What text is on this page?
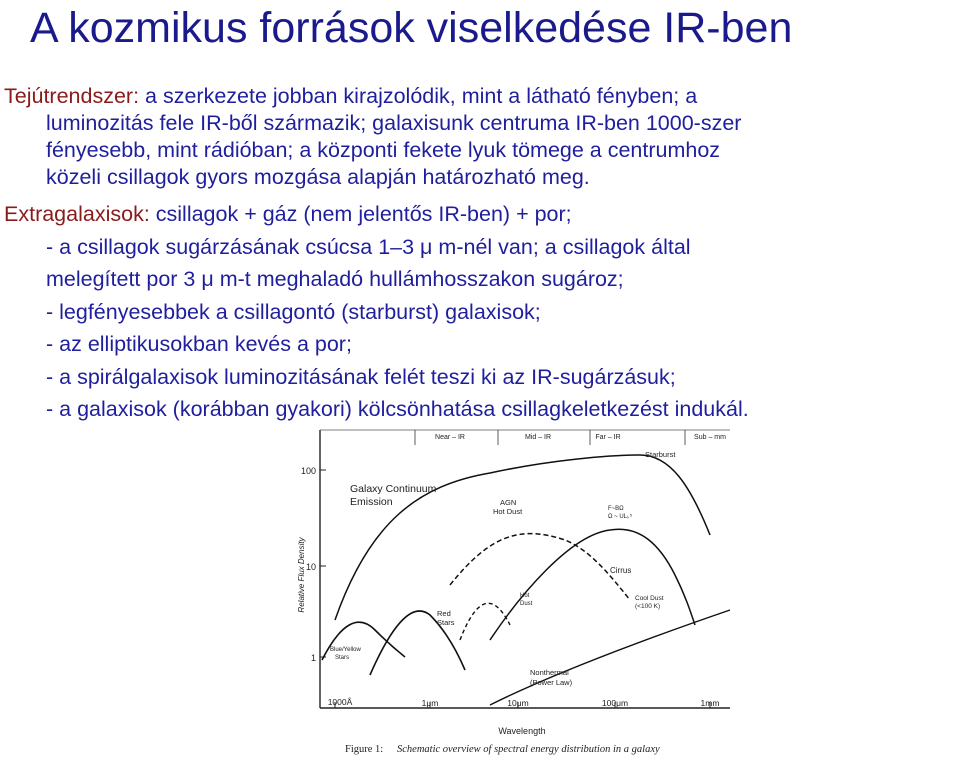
A kozmikus források viselkedése IR-ben
Tejútrendszer: a szerkezete jobban kirajzolódik, mint a látható fényben; a
luminozitás fele IR-ből származik; galaxisunk centruma IR-ben 1000-szer
fényesebb, mint rádióban; a központi fekete lyuk tömege a centrumhoz
közeli csillagok gyors mozgása alapján határozható meg.
Extragalaxisok: csillagok + gáz (nem jelentős IR-ben) + por;
- a csillagok sugárzásának csúcsa 1–3 μ m-nél van; a csillagok által
melegített por 3 μ m-t meghaladó hullámhosszakon sugároz;
- legfényesebbek a csillagontó (starburst) galaxisok;
- az elliptikusokban kevés a por;
- a spirálgalaxisok luminozitásának felét teszi ki az IR-sugárzásuk;
- a galaxisok (korábban gyakori) kölcsönhatása csillagkeletkezést indukál.
Near – IR	Mid – IR	Far – IR	Sub – mm
100
10
1
Relative Flux Density
1000Å	1μm	10μm	100μm	1mm
Wavelength
Galaxy Continuum
Emission	AGN
Hot Dust
Starburst
F~ΒΩ
Ω ~ ULᵢ.⁵
Cirrus
Cool Dust
(<100 K)
Hot
Dust
Red
Stars
Blue/Yellow
Stars
Nonthermal
(Power Law)
Figure 1: Schematic overview of spectral energy distribution in a galaxy
